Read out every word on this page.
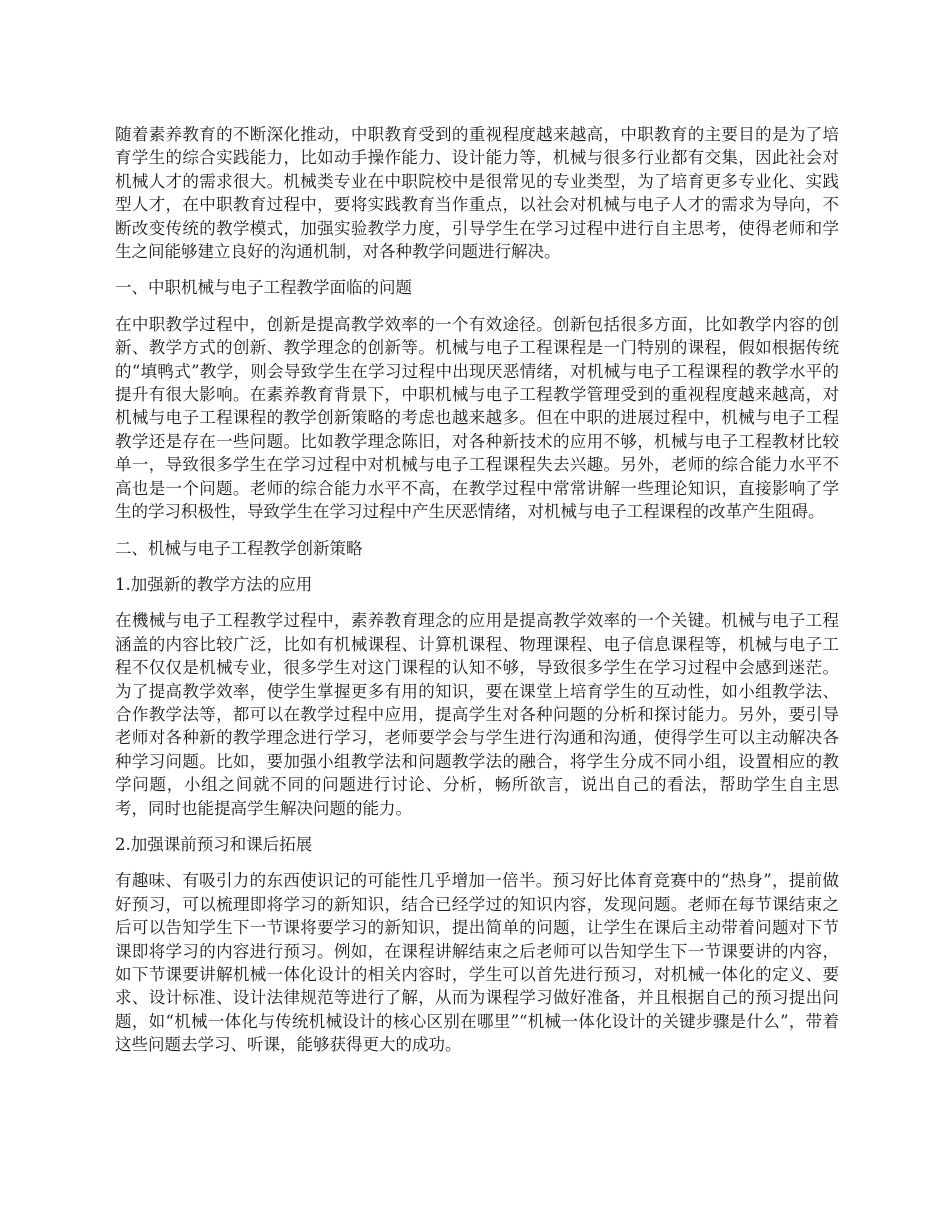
随着素养教育的不断深化推动，中职教育受到的重视程度越来越高，中职教育的主要目的是为了培育学生的综合实践能力，比如动手操作能力、设计能力等，机械与很多行业都有交集，因此社会对机械人才的需求很大。机械类专业在中职院校中是很常见的专业类型，为了培育更多专业化、实践型人才，在中职教育过程中，要将实践教育当作重点，以社会对机械与电子人才的需求为导向，不断改变传统的教学模式，加强实验教学力度，引导学生在学习过程中进行自主思考，使得老师和学生之间能够建立良好的沟通机制，对各种教学问题进行解决。

一、中职机械与电子工程教学面临的问题

在中职教学过程中，创新是提高教学效率的一个有效途径。创新包括很多方面，比如教学内容的创新、教学方式的创新、教学理念的创新等。机械与电子工程课程是一门特别的课程，假如根据传统的“填鸭式”教学，则会导致学生在学习过程中出现厌恶情绪，对机械与电子工程课程的教学水平的提升有很大影响。在素养教育背景下，中职机械与电子工程教学管理受到的重视程度越来越高，对机械与电子工程课程的教学创新策略的考虑也越来越多。但在中职的进展过程中，机械与电子工程教学还是存在一些问题。比如教学理念陈旧，对各种新技术的应用不够，机械与电子工程教材比较单一，导致很多学生在学习过程中对机械与电子工程课程失去兴趣。另外，老师的综合能力水平不高也是一个问题。老师的综合能力水平不高，在教学过程中常常讲解一些理论知识，直接影响了学生的学习积极性，导致学生在学习过程中产生厌恶情绪，对机械与电子工程课程的改革产生阻碍。

二、机械与电子工程教学创新策略

1.加强新的教学方法的应用

在機械与电子工程教学过程中，素养教育理念的应用是提高教学效率的一个关键。机械与电子工程涵盖的内容比较广泛，比如有机械课程、计算机课程、物理课程、电子信息课程等，机械与电子工程不仅仅是机械专业，很多学生对这门课程的认知不够，导致很多学生在学习过程中会感到迷茫。为了提高教学效率，使学生掌握更多有用的知识，要在课堂上培育学生的互动性，如小组教学法、合作教学法等，都可以在教学过程中应用，提高学生对各种问题的分析和探讨能力。另外，要引导老师对各种新的教学理念进行学习，老师要学会与学生进行沟通和沟通，使得学生可以主动解决各种学习问题。比如，要加强小组教学法和问题教学法的融合，将学生分成不同小组，设置相应的教学问题，小组之间就不同的问题进行讨论、分析，畅所欲言，说出自己的看法，帮助学生自主思考，同时也能提高学生解决问题的能力。

2.加强课前预习和课后拓展

有趣味、有吸引力的东西使识记的可能性几乎增加一倍半。预习好比体育竞赛中的“热身”，提前做好预习，可以梳理即将学习的新知识，结合已经学过的知识内容，发现问题。老师在每节课结束之后可以告知学生下一节课将要学习的新知识，提出简单的问题，让学生在课后主动带着问题对下节课即将学习的内容进行预习。例如，在课程讲解结束之后老师可以告知学生下一节课要讲的内容，如下节课要讲解机械一体化设计的相关内容时，学生可以首先进行预习，对机械一体化的定义、要求、设计标准、设计法律规范等进行了解，从而为课程学习做好准备，并且根据自己的预习提出问题，如“机械一体化与传统机械设计的核心区别在哪里”“机械一体化设计的关键步骤是什么”，带着这些问题去学习、听课，能够获得更大的成功。
